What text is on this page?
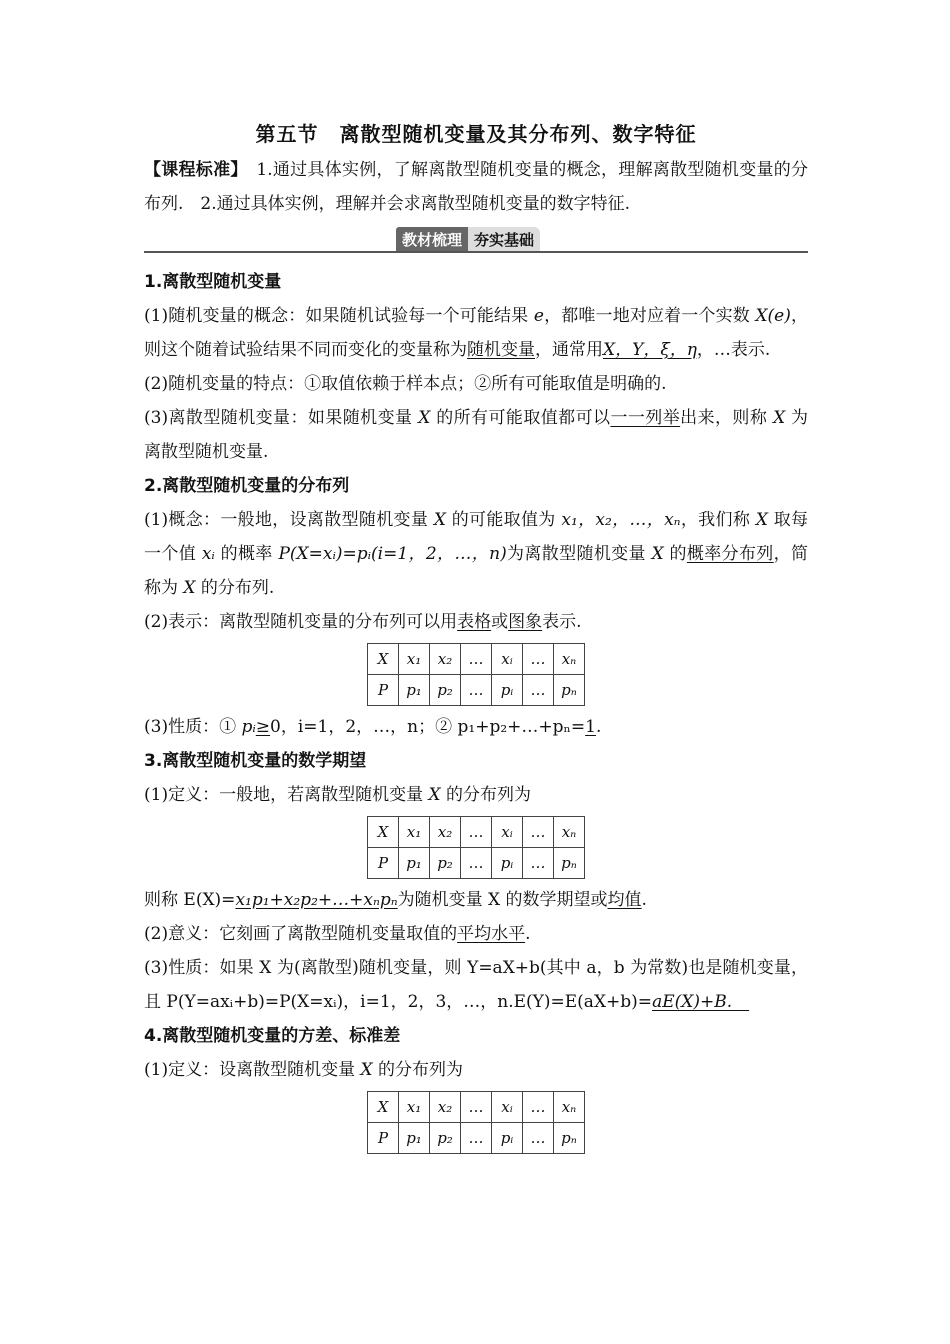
第五节　离散型随机变量及其分布列、数字特征

【课程标准】　1.通过具体实例，了解离散型随机变量的概念，理解离散型随机变量的分布列.　2.通过具体实例，理解并会求离散型随机变量的数字特征.

教材梳理 夯实基础

1.离散型随机变量

(1)随机变量的概念：如果随机试验每一个可能结果 e，都唯一地对应着一个实数 X(e)，则这个随着试验结果不同而变化的变量称为随机变量，通常用X，Y，ξ，η，…表示.

(2)随机变量的特点：①取值依赖于样本点；②所有可能取值是明确的.

(3)离散型随机变量：如果随机变量 X 的所有可能取值都可以一一列举出来，则称 X 为离散型随机变量.

2.离散型随机变量的分布列

(1)概念：一般地，设离散型随机变量 X 的可能取值为 x₁，x₂，…，xₙ，我们称 X 取每一个值 xᵢ 的概率 P(X=xᵢ)=pᵢ(i=1，2，…，n)为离散型随机变量 X 的概率分布列，简称为 X 的分布列.

(2)表示：离散型随机变量的分布列可以用表格或图象表示.

X	x₁	x₂	…	xᵢ	…	xₙ
P	p₁	p₂	…	pᵢ	…	pₙ

(3)性质：① pᵢ≥0，i=1，2，…，n；② p₁+p₂+…+pₙ=1.

3.离散型随机变量的数学期望

(1)定义：一般地，若离散型随机变量 X 的分布列为

X	x₁	x₂	…	xᵢ	…	xₙ
P	p₁	p₂	…	pᵢ	…	pₙ

则称 E(X)=x₁p₁+x₂p₂+…+xₙpₙ为随机变量 X 的数学期望或均值.

(2)意义：它刻画了离散型随机变量取值的平均水平.

(3)性质：如果 X 为(离散型)随机变量，则 Y=aX+b(其中 a，b 为常数)也是随机变量，且 P(Y=axᵢ+b)=P(X=xᵢ)，i=1，2，3，…，n.E(Y)=E(aX+b)=aE(X)+B.　

4.离散型随机变量的方差、标准差

(1)定义：设离散型随机变量 X 的分布列为

X	x₁	x₂	…	xᵢ	…	xₙ
P	p₁	p₂	…	pᵢ	…	pₙ
